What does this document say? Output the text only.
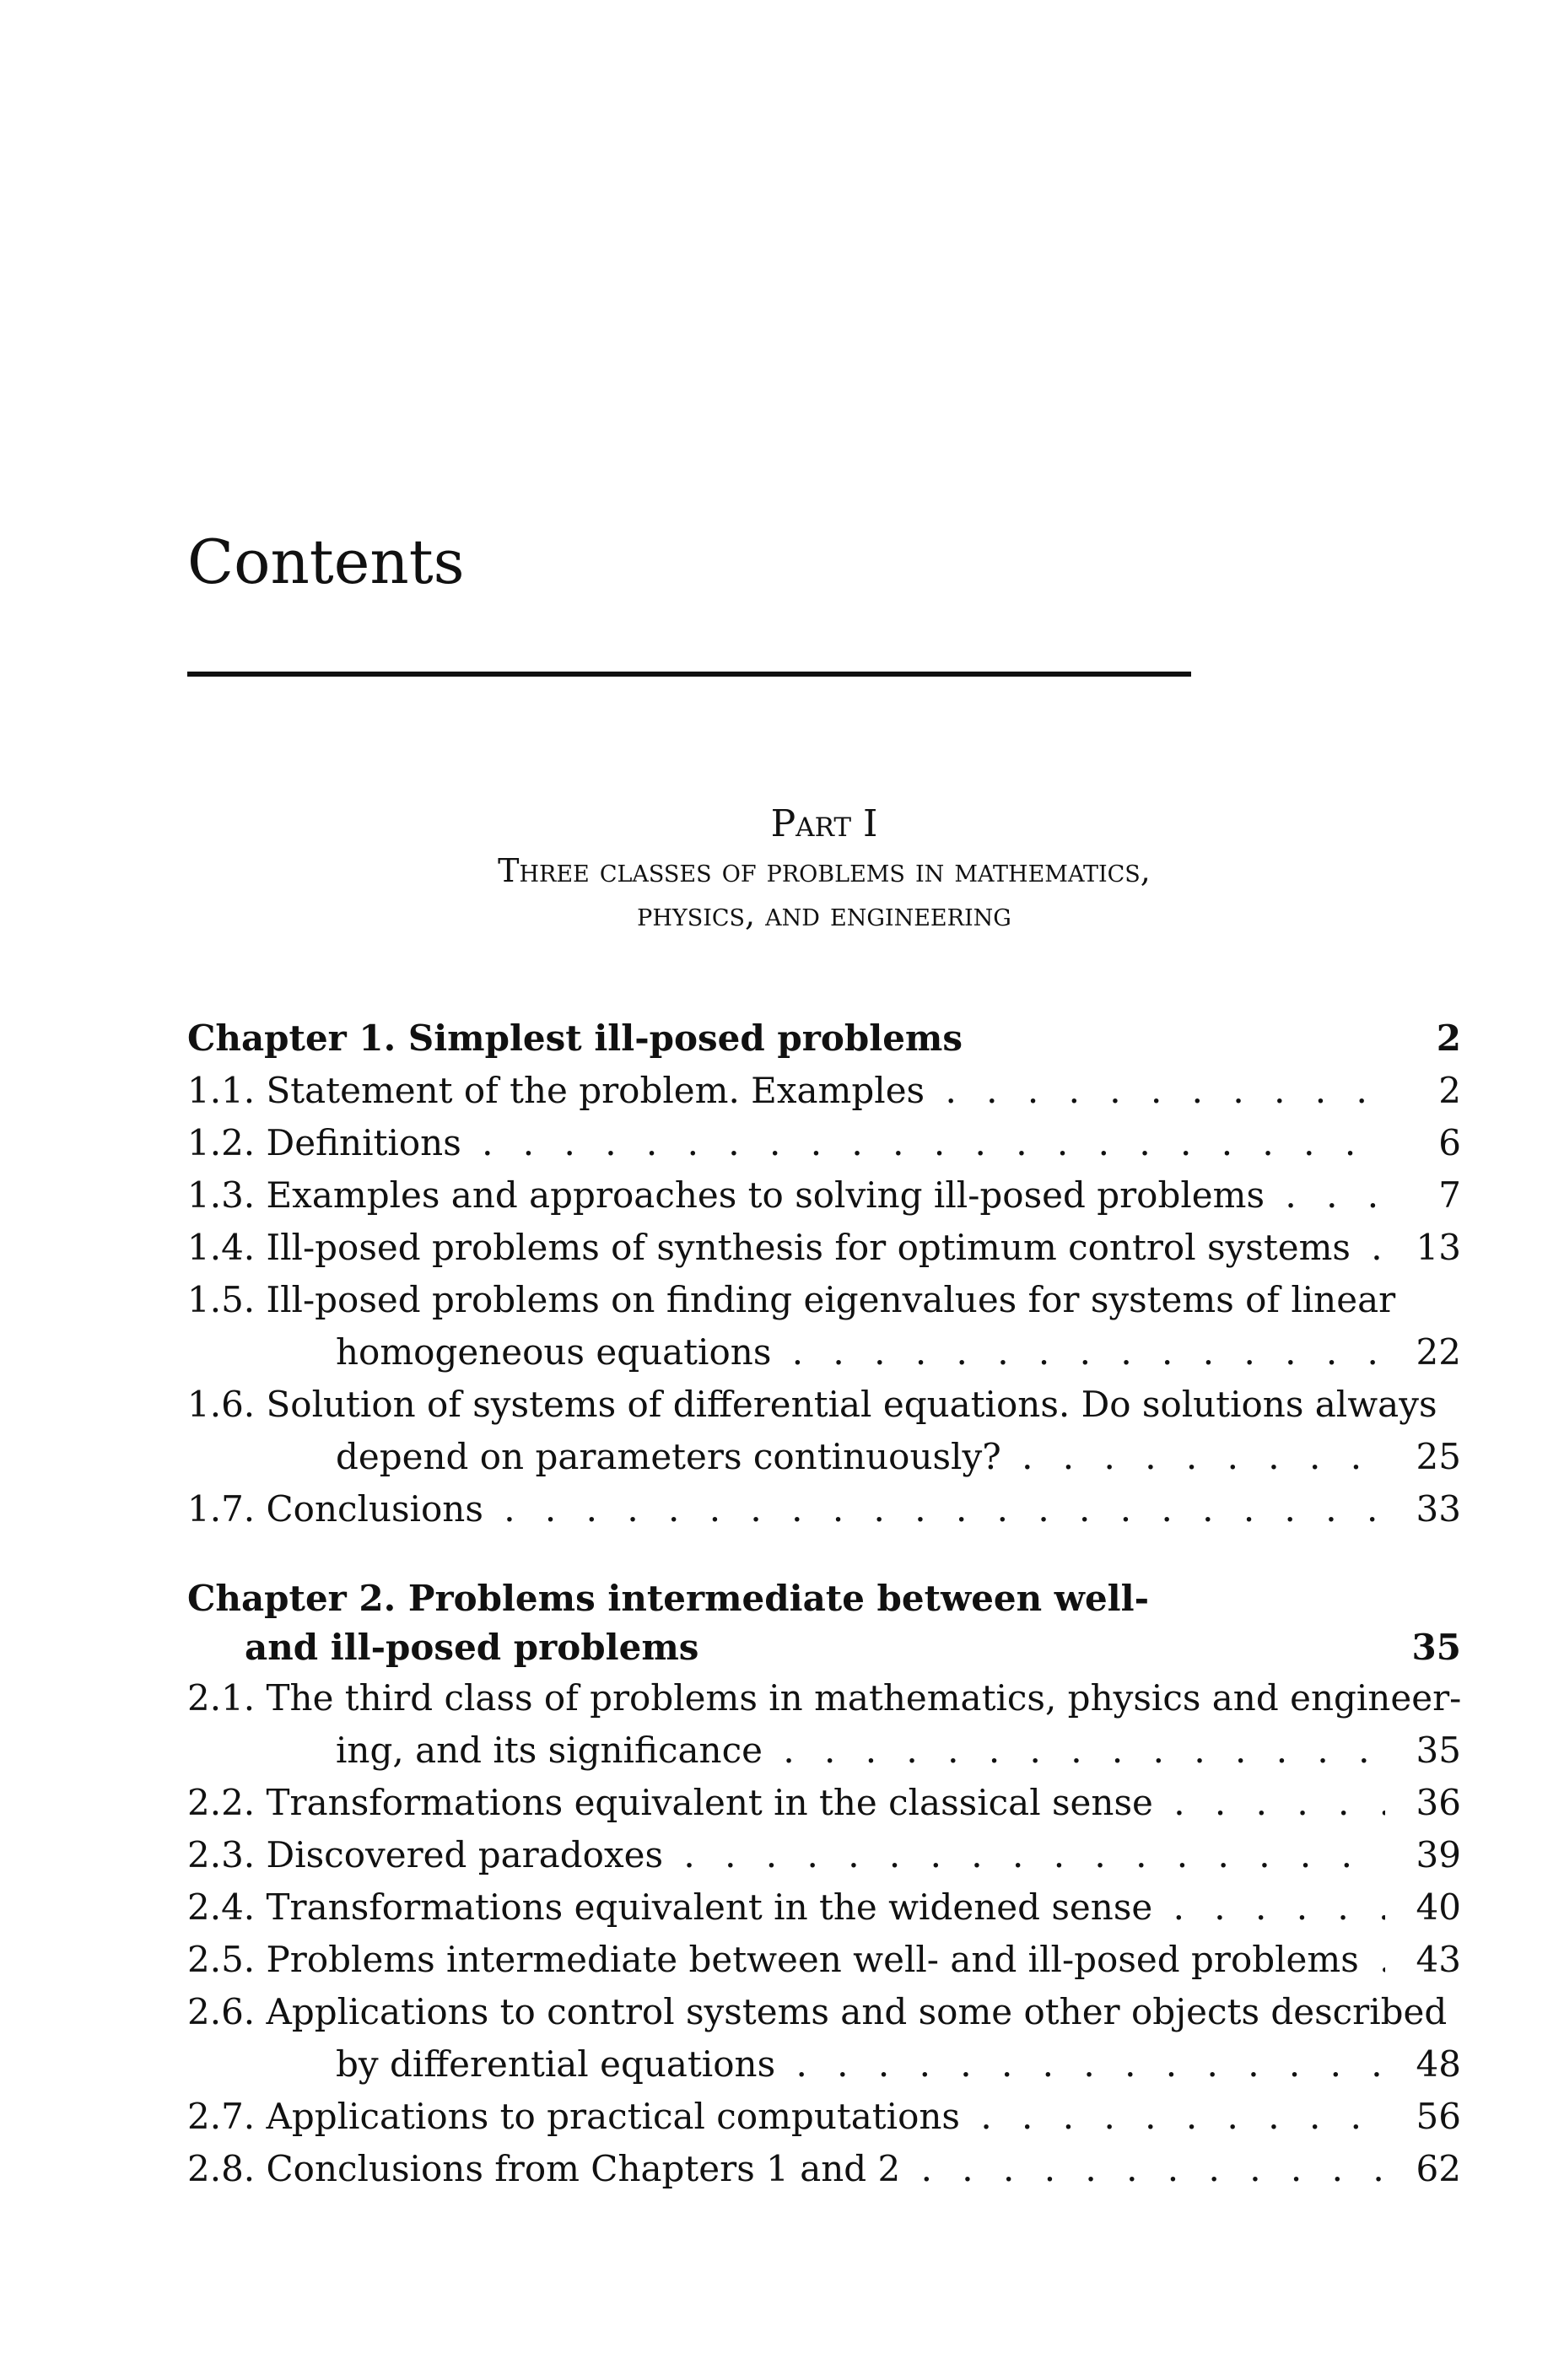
Contents
Part I
Three classes of problems in mathematics,
physics, and engineering
Chapter 1. Simplest ill-posed problems	2
1.1. Statement of the problem. Examples . . .	2
1.2. Definitions . . .	6
1.3. Examples and approaches to solving ill-posed problems . . .	7
1.4. Ill-posed problems of synthesis for optimum control systems . . .	13
1.5. Ill-posed problems on finding eigenvalues for systems of linear
homogeneous equations . . .	22
1.6. Solution of systems of differential equations. Do solutions always
depend on parameters continuously? . . .	25
1.7. Conclusions . . .	33
Chapter 2. Problems intermediate between well-
and ill-posed problems	35
2.1. The third class of problems in mathematics, physics and engineer-
ing, and its significance . . .	35
2.2. Transformations equivalent in the classical sense . . .	36
2.3. Discovered paradoxes . . .	39
2.4. Transformations equivalent in the widened sense . . .	40
2.5. Problems intermediate between well- and ill-posed problems . . .	43
2.6. Applications to control systems and some other objects described
by differential equations . . .	48
2.7. Applications to practical computations . . .	56
2.8. Conclusions from Chapters 1 and 2 . . .	62
